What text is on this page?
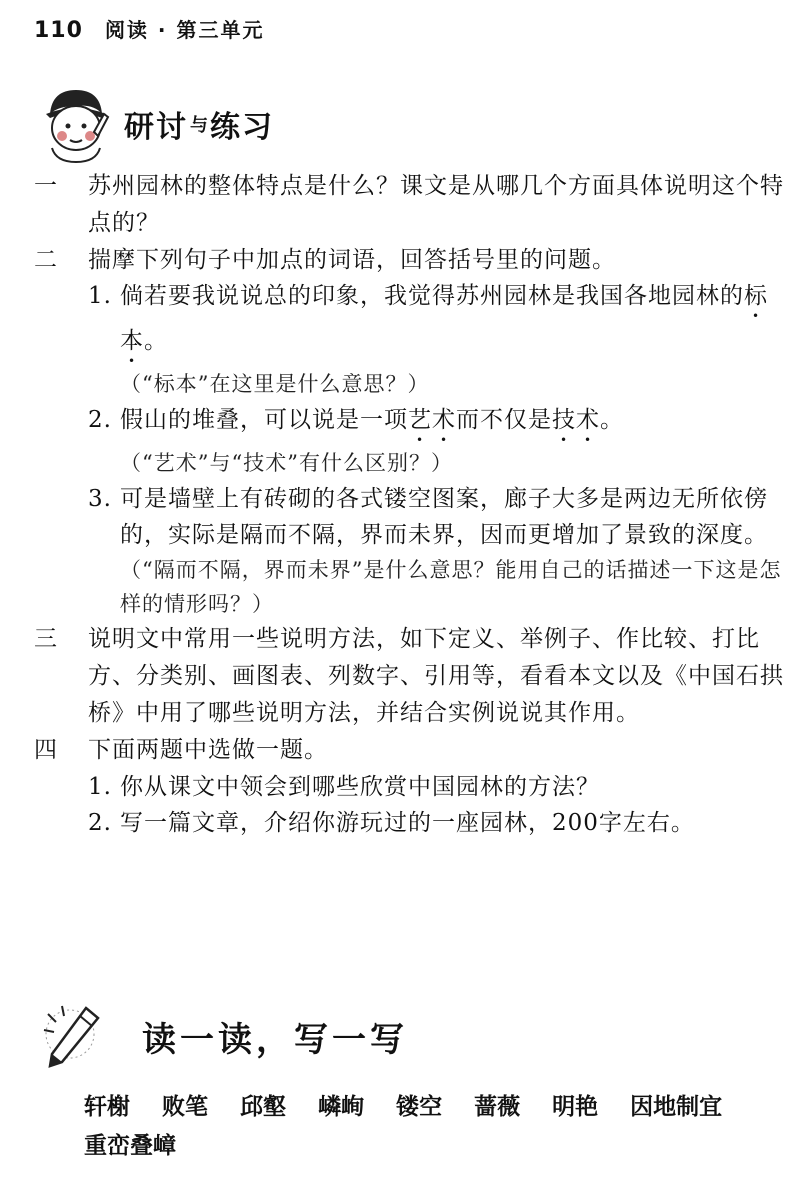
110 阅读 · 第三单元
研讨 与 练习
一	苏州园林的整体特点是什么？课文是从哪几个方面具体说明这个特点的？
二	揣摩下列句子中加点的词语，回答括号里的问题。
1. 倘若要我说说总的印象，我觉得苏州园林是我国各地园林的标本。
（“标本”在这里是什么意思？）
2. 假山的堆叠，可以说是一项艺术而不仅是技术。
（“艺术”与“技术”有什么区别？）
3. 可是墙壁上有砖砌的各式镂空图案，廊子大多是两边无所依傍的，实际是隔而不隔，界而未界，因而更增加了景致的深度。
（“隔而不隔，界而未界”是什么意思？能用自己的话描述一下这是怎样的情形吗？）
三	说明文中常用一些说明方法，如下定义、举例子、作比较、打比方、分类别、画图表、列数字、引用等，看看本文以及《中国石拱桥》中用了哪些说明方法，并结合实例说说其作用。
四	下面两题中选做一题。
1. 你从课文中领会到哪些欣赏中国园林的方法？
2. 写一篇文章，介绍你游玩过的一座园林，200字左右。
读一读，写一写
轩榭 败笔 邱壑 嶙峋 镂空 蔷薇 明艳 因地制宜 重峦叠嶂
